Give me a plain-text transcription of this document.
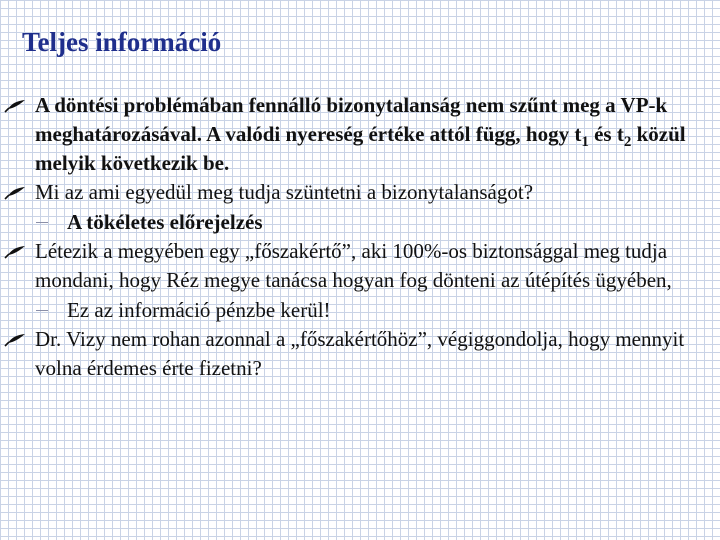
Teljes információ
A döntési problémában fennálló bizonytalanság nem szűnt meg a VP-k meghatározásával. A valódi nyereség értéke attól függ, hogy $t_1$ és $t_2$ közül melyik következik be.
Mi az ami egyedül meg tudja szüntetni a bizonytalanságot?
A tökéletes előrejelzés
Létezik a megyében egy „főszakértő”, aki 100%-os biztonsággal meg tudja mondani, hogy Réz megye tanácsa hogyan fog dönteni az útépítés ügyében,
Ez az információ pénzbe kerül!
Dr. Vizy nem rohan azonnal a „főszakértőhöz”, végiggondolja, hogy mennyit volna érdemes érte fizetni?
